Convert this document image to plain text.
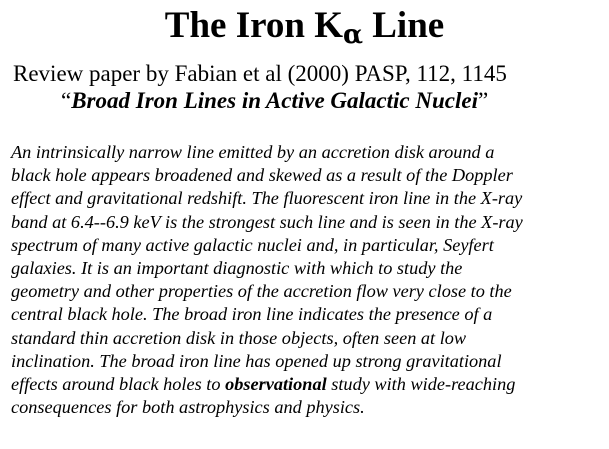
The Iron $K_\alpha$ Line
Review paper by Fabian et al (2000) PASP, 112, 1145
“Broad Iron Lines in Active Galactic Nuclei”
An intrinsically narrow line emitted by an accretion disk around a
black hole appears broadened and skewed as a result of the Doppler
effect and gravitational redshift. The fluorescent iron line in the X-ray
band at 6.4--6.9 keV is the strongest such line and is seen in the X-ray
spectrum of many active galactic nuclei and, in particular, Seyfert
galaxies. It is an important diagnostic with which to study the
geometry and other properties of the accretion flow very close to the
central black hole. The broad iron line indicates the presence of a
standard thin accretion disk in those objects, often seen at low
inclination. The broad iron line has opened up strong gravitational
effects around black holes to observational study with wide-reaching
consequences for both astrophysics and physics.
